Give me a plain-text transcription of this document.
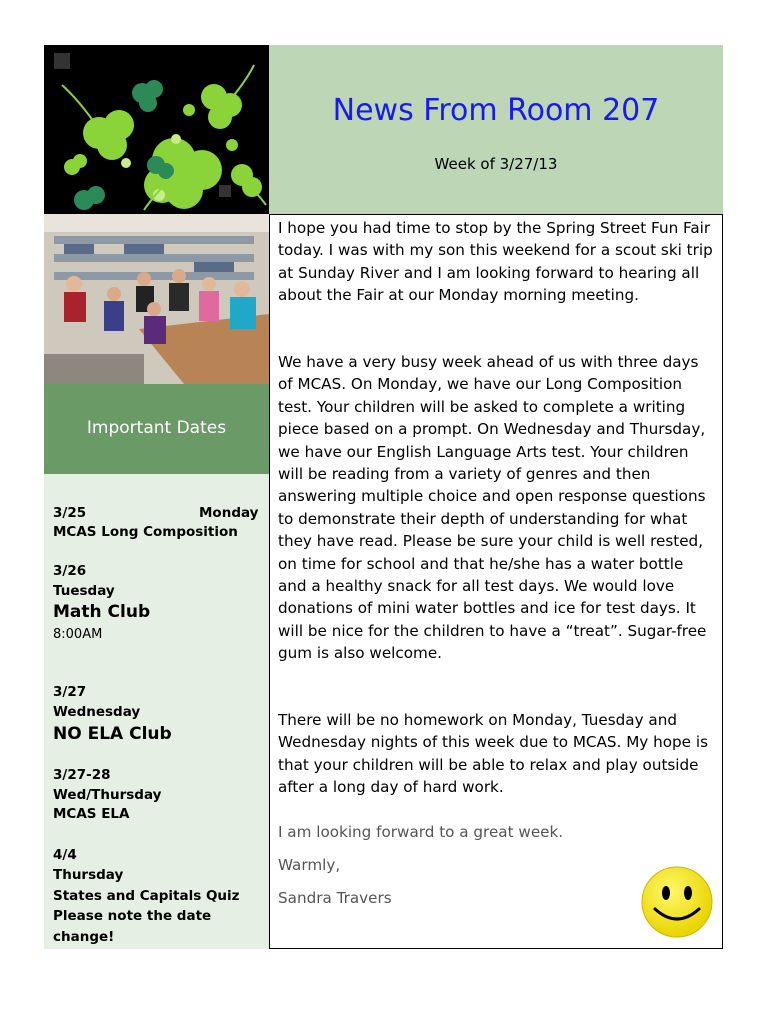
News From Room 207
Week of 3/27/13
Important Dates
3/25	Monday
MCAS Long Composition
3/26
Tuesday
Math Club
8:00AM
3/27
Wednesday
NO ELA Club
3/27-28
Wed/Thursday
MCAS ELA
4/4
Thursday
States and Capitals Quiz
Please note the date
change!

I hope you had time to stop by the Spring Street Fun Fair today. I was with my son this weekend for a scout ski trip at Sunday River and I am looking forward to hearing all about the Fair at our Monday morning meeting.

We have a very busy week ahead of us with three days of MCAS. On Monday, we have our Long Composition test. Your children will be asked to complete a writing piece based on a prompt. On Wednesday and Thursday, we have our English Language Arts test. Your children will be reading from a variety of genres and then answering multiple choice and open response questions to demonstrate their depth of understanding for what they have read. Please be sure your child is well rested, on time for school and that he/she has a water bottle and a healthy snack for all test days. We would love donations of mini water bottles and ice for test days. It will be nice for the children to have a “treat”. Sugar-free gum is also welcome.

There will be no homework on Monday, Tuesday and Wednesday nights of this week due to MCAS. My hope is that your children will be able to relax and play outside after a long day of hard work.

I am looking forward to a great week.

Warmly,

Sandra Travers
